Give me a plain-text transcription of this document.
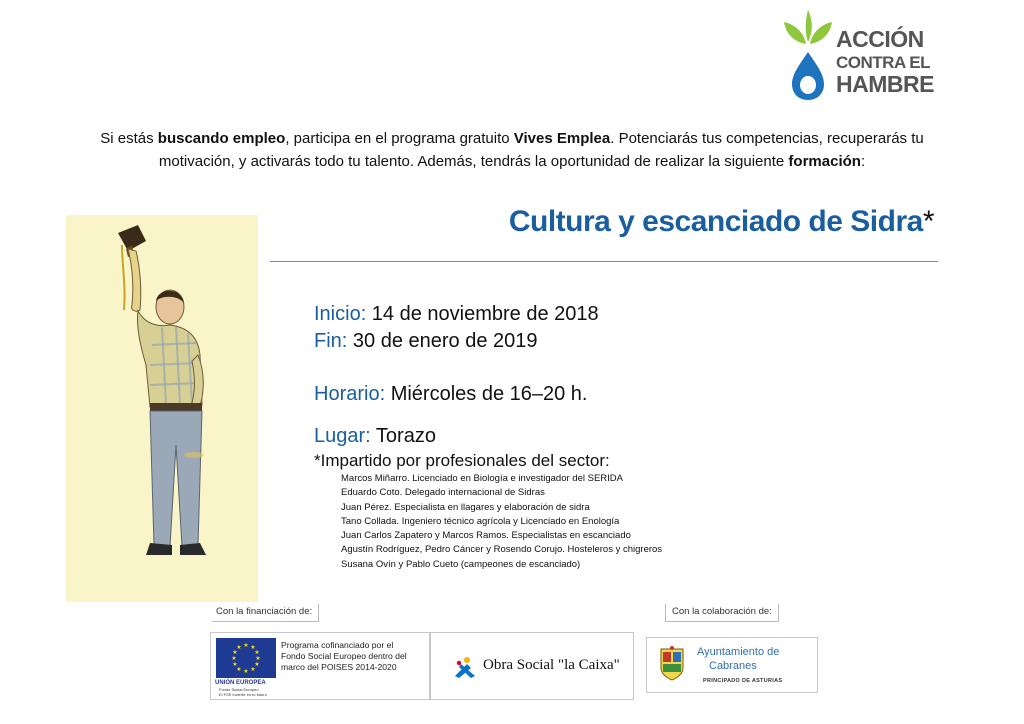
ACCIÓN
CONTRA EL
HAMBRE
Si estás buscando empleo, participa en el programa gratuito Vives Emplea. Potenciarás tus competencias, recuperarás tu motivación, y activarás todo tu talento. Además, tendrás la oportunidad de realizar la siguiente formación:
Cultura y escanciado de Sidra*
Inicio: 14 de noviembre de 2018
Fin: 30 de enero de 2019
Horario: Miércoles de 16–20 h.
Lugar: Torazo
*Impartido por profesionales del sector:
Marcos Miñarro. Licenciado en Biología e investigador del SERIDA
Eduardo Coto. Delegado internacional de Sidras
Juan Pérez. Especialista en llagares y elaboración de sidra
Tano Collada. Ingeniero técnico agrícola y Licenciado en Enología
Juan Carlos Zapatero y Marcos Ramos. Especialistas en escanciado
Agustín Rodríguez, Pedro Cáncer y Rosendo Corujo. Hosteleros y chigreros
Susana Ovín y Pablo Cueto (campeones de escanciado)
Con la financiación de:	Con la colaboración de:
★ ★
★
★
★
★
★
★
★
★
★
★
UNIÓN EUROPEA
Fondo Social Europeo
El FSE invierte en tu futuro
Programa cofinanciado por el
Fondo Social Europeo dentro del
marco del POISES 2014-2020	Obra Social "la Caixa"
Ayuntamiento de
Cabranes
PRINCIPADO DE ASTURIAS
